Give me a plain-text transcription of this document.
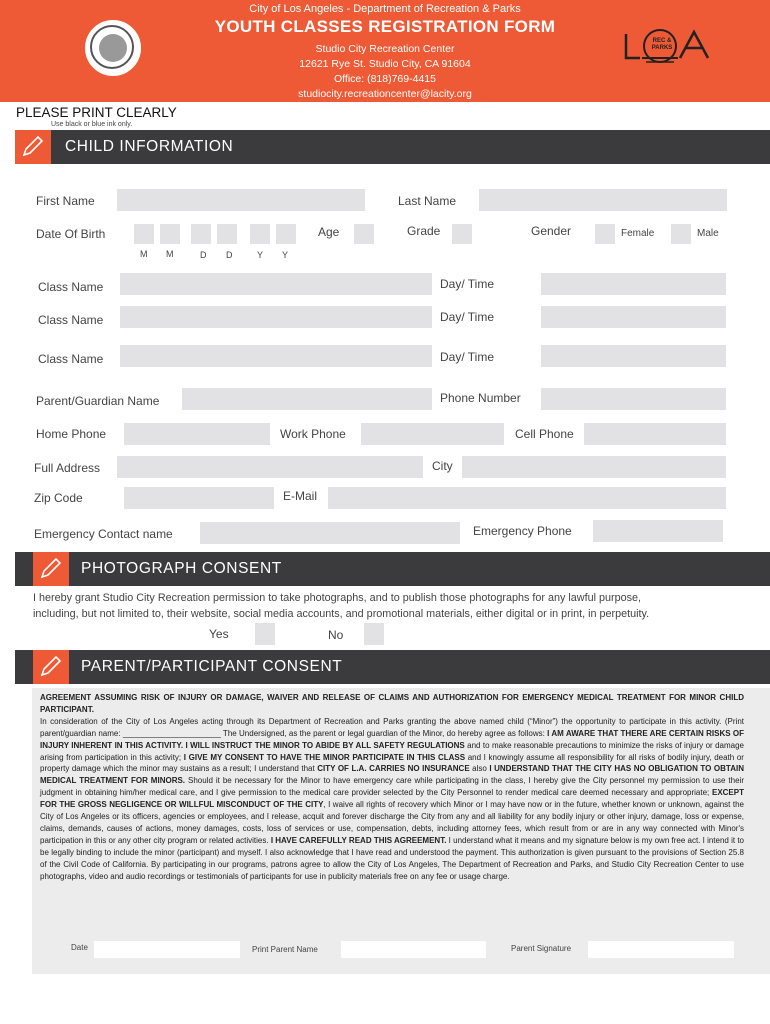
City of Los Angeles - Department of Recreation & Parks
YOUTH CLASSES REGISTRATION FORM
Studio City Recreation Center
12621 Rye St. Studio City, CA 91604
Office: (818)769-4415
studiocity.recreationcenter@lacity.org
REC & PARKS
PLEASE PRINT CLEARLY
Use black or blue ink only.
CHILD INFORMATION
First Name	Last Name
Date Of Birth
M M	D D	Y Y
Age	Grade	Gender	Female	Male
Class Name	Day/ Time
Class Name	Day/ Time
Class Name	Day/ Time
Parent/Guardian Name	Phone Number
Home Phone	Work Phone	Cell Phone
Full Address	City
Zip Code	E-Mail
Emergency Contact name	Emergency Phone
PHOTOGRAPH CONSENT
I hereby grant Studio City Recreation permission to take photographs, and to publish those photographs for any lawful purpose,
including, but not limited to, their website, social media accounts, and promotional materials, either digital or in print, in perpetuity.
Yes	No
PARENT/PARTICIPANT CONSENT
AGREEMENT ASSUMING RISK OF INJURY OR DAMAGE, WAIVER AND RELEASE OF CLAIMS AND AUTHORIZATION FOR EMERGENCY MEDICAL TREATMENT FOR MINOR CHILD PARTICIPANT.
In consideration of the City of Los Angeles acting through its Department of Recreation and Parks granting the above named child (“Minor”) the opportunity to participate in this activity. (Print parent/guardian name: ______________________ The Undersigned, as the parent or legal guardian of the Minor, do hereby agree as follows: I AM AWARE THAT THERE ARE CERTAIN RISKS OF INJURY INHERENT IN THIS ACTIVITY. I WILL INSTRUCT THE MINOR TO ABIDE BY ALL SAFETY REGULATIONS and to make reasonable precautions to minimize the risks of injury or damage arising from participation in this activity; I GIVE MY CONSENT TO HAVE THE MINOR PARTICIPATE IN THIS CLASS and I knowingly assume all responsibility for all risks of bodily injury, death or property damage which the minor may sustains as a result; I understand that CITY OF L.A. CARRIES NO INSURANCE also I UNDERSTAND THAT THE CITY HAS NO OBLIGATION TO OBTAIN MEDICAL TREATMENT FOR MINORS. Should it be necessary for the Minor to have emergency care while participating in the class, I hereby give the City personnel my permission to use their judgment in obtaining him/her medical care, and I give permission to the medical care provider selected by the City Personnel to render medical care deemed necessary and appropriate; EXCEPT FOR THE GROSS NEGLIGENCE OR WILLFUL MISCONDUCT OF THE CITY, I waive all rights of recovery which Minor or I may have now or in the future, whether known or unknown, against the City of Los Angeles or its officers, agencies or employees, and I release, acquit and forever discharge the City from any and all liability for any bodily injury or other injury, damage, loss or expense, claims, demands, causes of actions, money damages, costs, loss of services or use, compensation, debts, including attorney fees, which result from or are in any way connected with Minor's participation in this or any other city program or related activities. I HAVE CAREFULLY READ THIS AGREEMENT. I understand what it means and my signature below is my own free act. I intend it to be legally binding to include the minor (participant) and myself. I also acknowledge that I have read and understood the payment. This authorization is given pursuant to the provisions of Section 25.8 of the Civil Code of California. By participating in our programs, patrons agree to allow the City of Los Angeles, The Department of Recreation and Parks, and Studio City Recreation Center to use photographs, video and audio recordings or testimonials of participants for use in publicity materials free on any fee or usage charge.
Date	Print Parent Name	Parent Signature
